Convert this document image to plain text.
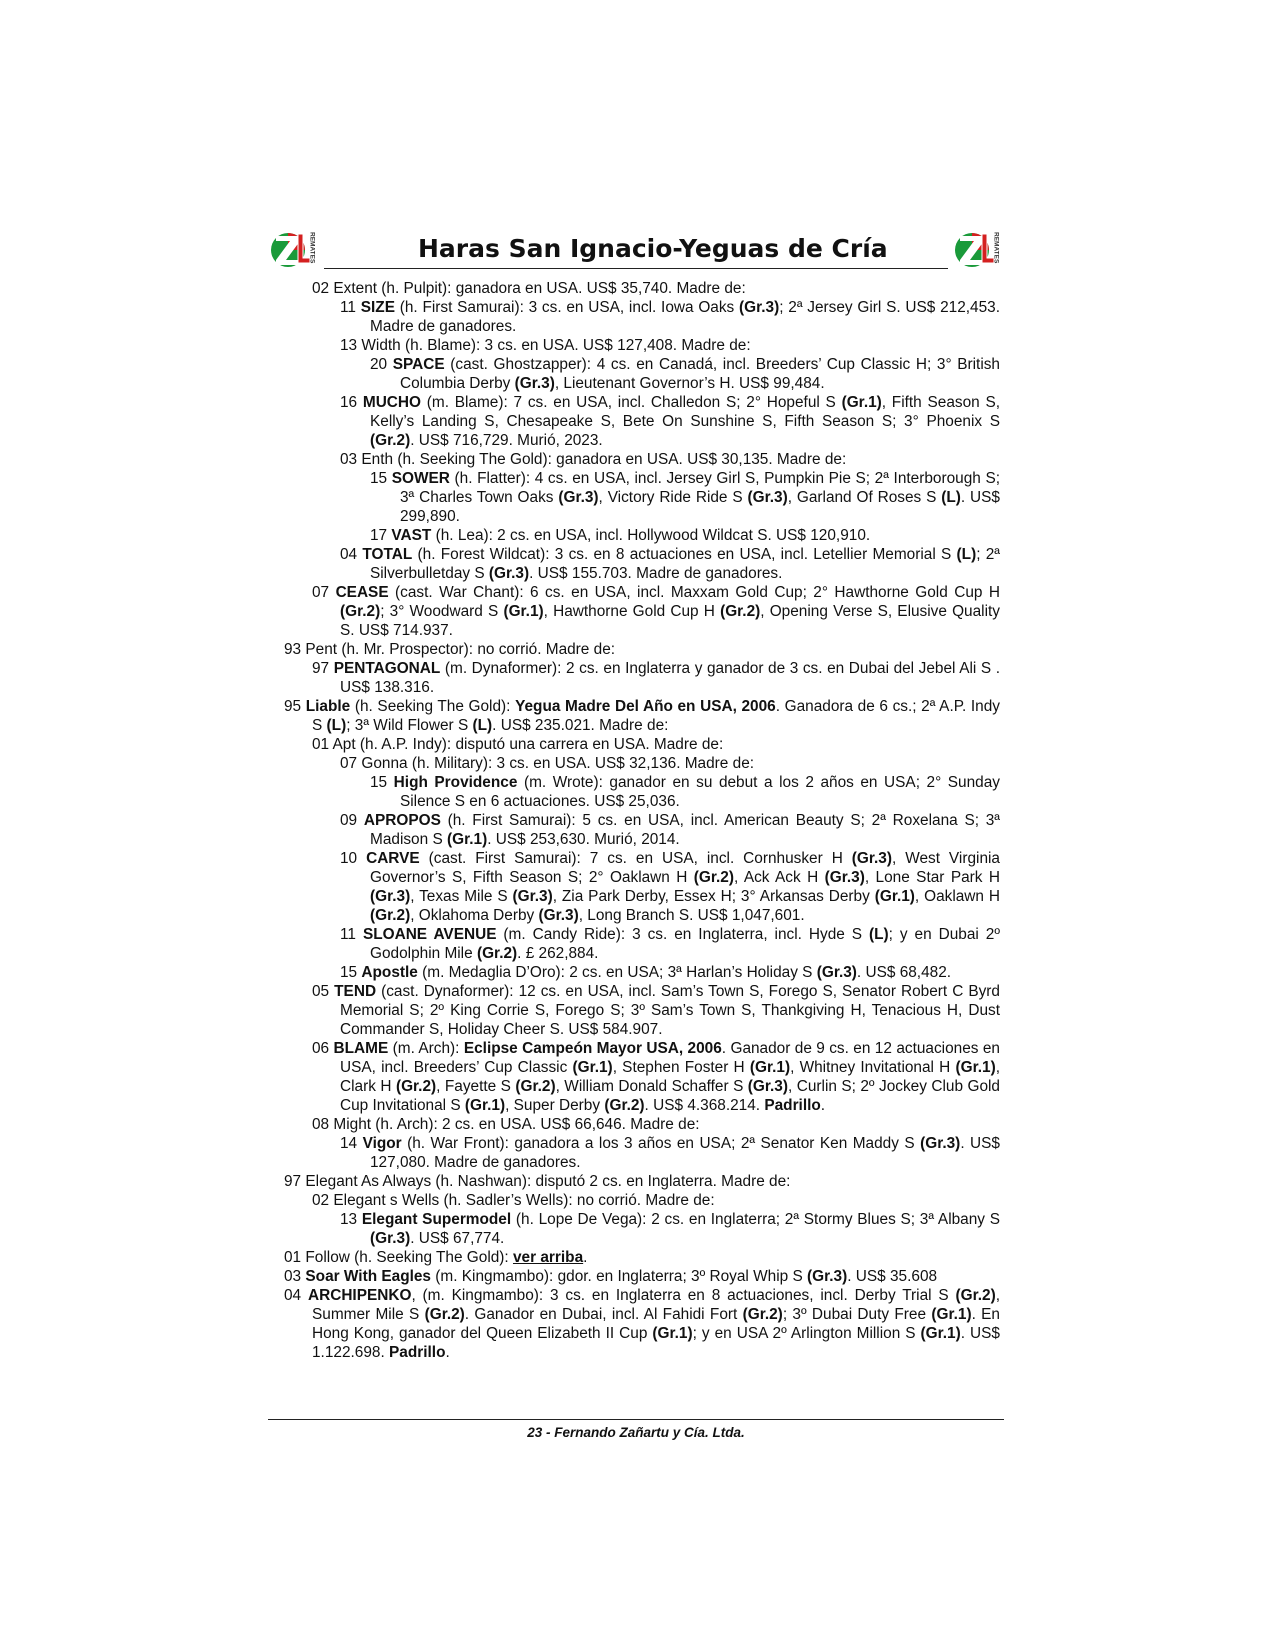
REMATES	Haras San Ignacio-Yeguas de Cría	REMATES
02 Extent (h. Pulpit): ganadora en USA. US$ 35,740. Madre de:
11 SIZE (h. First Samurai): 3 cs. en USA, incl. Iowa Oaks (Gr.3); 2ª Jersey Girl S. US$ 212,453. Madre de ganadores.
13 Width (h. Blame): 3 cs. en USA. US$ 127,408. Madre de:
20 SPACE (cast. Ghostzapper): 4 cs. en Canadá, incl. Breeders’ Cup Classic H; 3° British Columbia Derby (Gr.3), Lieutenant Governor’s H. US$ 99,484.
16 MUCHO (m. Blame): 7 cs. en USA, incl. Challedon S; 2° Hopeful S (Gr.1), Fifth Season S, Kelly’s Landing S, Chesapeake S, Bete On Sunshine S, Fifth Season S; 3° Phoenix S (Gr.2). US$ 716,729. Murió, 2023.
03 Enth (h. Seeking The Gold): ganadora en USA. US$ 30,135. Madre de:
15 SOWER (h. Flatter): 4 cs. en USA, incl. Jersey Girl S, Pumpkin Pie S; 2ª Interborough S; 3ª Charles Town Oaks (Gr.3), Victory Ride Ride S (Gr.3), Garland Of Roses S (L). US$ 299,890.
17 VAST (h. Lea): 2 cs. en USA, incl. Hollywood Wildcat S. US$ 120,910.
04 TOTAL (h. Forest Wildcat): 3 cs. en 8 actuaciones en USA, incl. Letellier Memorial S (L); 2ª Silverbulletday S (Gr.3). US$ 155.703. Madre de ganadores.
07 CEASE (cast. War Chant): 6 cs. en USA, incl. Maxxam Gold Cup; 2° Hawthorne Gold Cup H (Gr.2); 3° Woodward S (Gr.1), Hawthorne Gold Cup H (Gr.2), Opening Verse S, Elusive Quality S. US$ 714.937.
93 Pent (h. Mr. Prospector): no corrió. Madre de:
97 PENTAGONAL (m. Dynaformer): 2 cs. en Inglaterra y ganador de 3 cs. en Dubai del Jebel Ali S . US$ 138.316.
95 Liable (h. Seeking The Gold): Yegua Madre Del Año en USA, 2006. Ganadora de 6 cs.; 2ª A.P. Indy S (L); 3ª Wild Flower S (L). US$ 235.021. Madre de:
01 Apt (h. A.P. Indy): disputó una carrera en USA. Madre de:
07 Gonna (h. Military): 3 cs. en USA. US$ 32,136. Madre de:
15 High Providence (m. Wrote): ganador en su debut a los 2 años en USA; 2° Sunday Silence S en 6 actuaciones. US$ 25,036.
09 APROPOS (h. First Samurai): 5 cs. en USA, incl. American Beauty S; 2ª Roxelana S; 3ª Madison S (Gr.1). US$ 253,630. Murió, 2014.
10 CARVE (cast. First Samurai): 7 cs. en USA, incl. Cornhusker H (Gr.3), West Virginia Governor’s S, Fifth Season S; 2° Oaklawn H (Gr.2), Ack Ack H (Gr.3), Lone Star Park H (Gr.3), Texas Mile S (Gr.3), Zia Park Derby, Essex H; 3° Arkansas Derby (Gr.1), Oaklawn H (Gr.2), Oklahoma Derby (Gr.3), Long Branch S. US$ 1,047,601.
11 SLOANE AVENUE (m. Candy Ride): 3 cs. en Inglaterra, incl. Hyde S (L); y en Dubai 2º Godolphin Mile (Gr.2). £ 262,884.
15 Apostle (m. Medaglia D’Oro): 2 cs. en USA; 3ª Harlan’s Holiday S (Gr.3). US$ 68,482.
05 TEND (cast. Dynaformer): 12 cs. en USA, incl. Sam’s Town S, Forego S, Senator Robert C Byrd Memorial S; 2º King Corrie S, Forego S; 3º Sam’s Town S, Thankgiving H, Tenacious H, Dust Commander S, Holiday Cheer S. US$ 584.907.
06 BLAME (m. Arch): Eclipse Campeón Mayor USA, 2006. Ganador de 9 cs. en 12 actuaciones en USA, incl. Breeders’ Cup Classic (Gr.1), Stephen Foster H (Gr.1), Whitney Invitational H (Gr.1), Clark H (Gr.2), Fayette S (Gr.2), William Donald Schaffer S (Gr.3), Curlin S; 2º Jockey Club Gold Cup Invitational S (Gr.1), Super Derby (Gr.2). US$ 4.368.214. Padrillo.
08 Might (h. Arch): 2 cs. en USA. US$ 66,646. Madre de:
14 Vigor (h. War Front): ganadora a los 3 años en USA; 2ª Senator Ken Maddy S (Gr.3). US$ 127,080. Madre de ganadores.
97 Elegant As Always (h. Nashwan): disputó 2 cs. en Inglaterra. Madre de:
02 Elegant s Wells (h. Sadler’s Wells): no corrió. Madre de:
13 Elegant Supermodel (h. Lope De Vega): 2 cs. en Inglaterra; 2ª Stormy Blues S; 3ª Albany S (Gr.3). US$ 67,774.
01 Follow (h. Seeking The Gold): ver arriba.
03 Soar With Eagles (m. Kingmambo): gdor. en Inglaterra; 3º Royal Whip S (Gr.3). US$ 35.608
04 ARCHIPENKO, (m. Kingmambo): 3 cs. en Inglaterra en 8 actuaciones, incl. Derby Trial S (Gr.2), Summer Mile S (Gr.2). Ganador en Dubai, incl. Al Fahidi Fort (Gr.2); 3º Dubai Duty Free (Gr.1). En Hong Kong, ganador del Queen Elizabeth II Cup (Gr.1); y en USA 2º Arlington Million S (Gr.1). US$ 1.122.698. Padrillo.
23 - Fernando Zañartu y Cía. Ltda.
